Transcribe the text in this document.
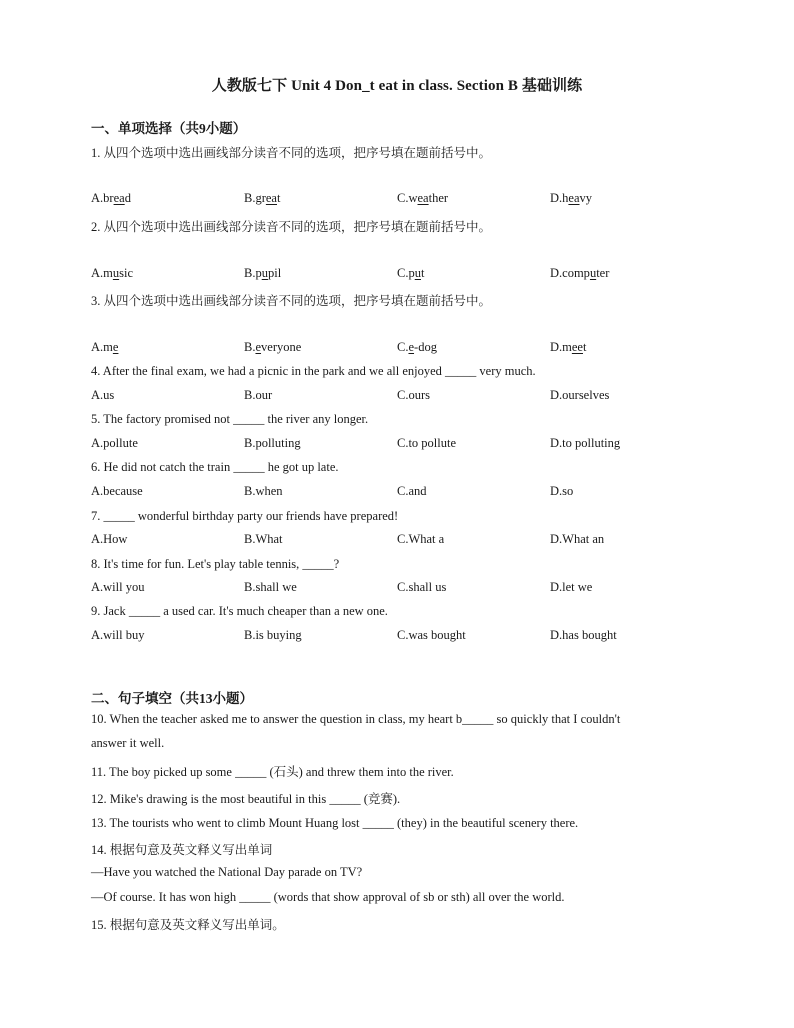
人教版七下 Unit 4 Don_t eat in class. Section B 基础训练
一、单项选择（共9小题）
1. 从四个选项中选出画线部分读音不同的选项，把序号填在题前括号中。
A.bread	B.great	C.weather	D.heavy
2. 从四个选项中选出画线部分读音不同的选项，把序号填在题前括号中。
A.music	B.pupil	C.put	D.computer
3. 从四个选项中选出画线部分读音不同的选项，把序号填在题前括号中。
A.me	B.everyone	C.e-dog	D.meet
4. After the final exam, we had a picnic in the park and we all enjoyed _____ very much.
A.us	B.our	C.ours	D.ourselves
5. The factory promised not _____ the river any longer.
A.pollute	B.polluting	C.to pollute	D.to polluting
6. He did not catch the train _____ he got up late.
A.because	B.when	C.and	D.so
7. _____ wonderful birthday party our friends have prepared!
A.How	B.What	C.What a	D.What an
8. It's time for fun. Let's play table tennis, _____?
A.will you	B.shall we	C.shall us	D.let we
9. Jack _____ a used car. It's much cheaper than a new one.
A.will buy	B.is buying	C.was bought	D.has bought
二、句子填空（共13小题）
10. When the teacher asked me to answer the question in class, my heart b_____ so quickly that I couldn't
answer it well.
11. The boy picked up some _____ (石头) and threw them into the river.
12. Mike's drawing is the most beautiful in this _____ (竞赛).
13. The tourists who went to climb Mount Huang lost _____ (they) in the beautiful scenery there.
14. 根据句意及英文释义写出单词
—Have you watched the National Day parade on TV?
—Of course. It has won high _____ (words that show approval of sb or sth) all over the world.
15. 根据句意及英文释义写出单词。
